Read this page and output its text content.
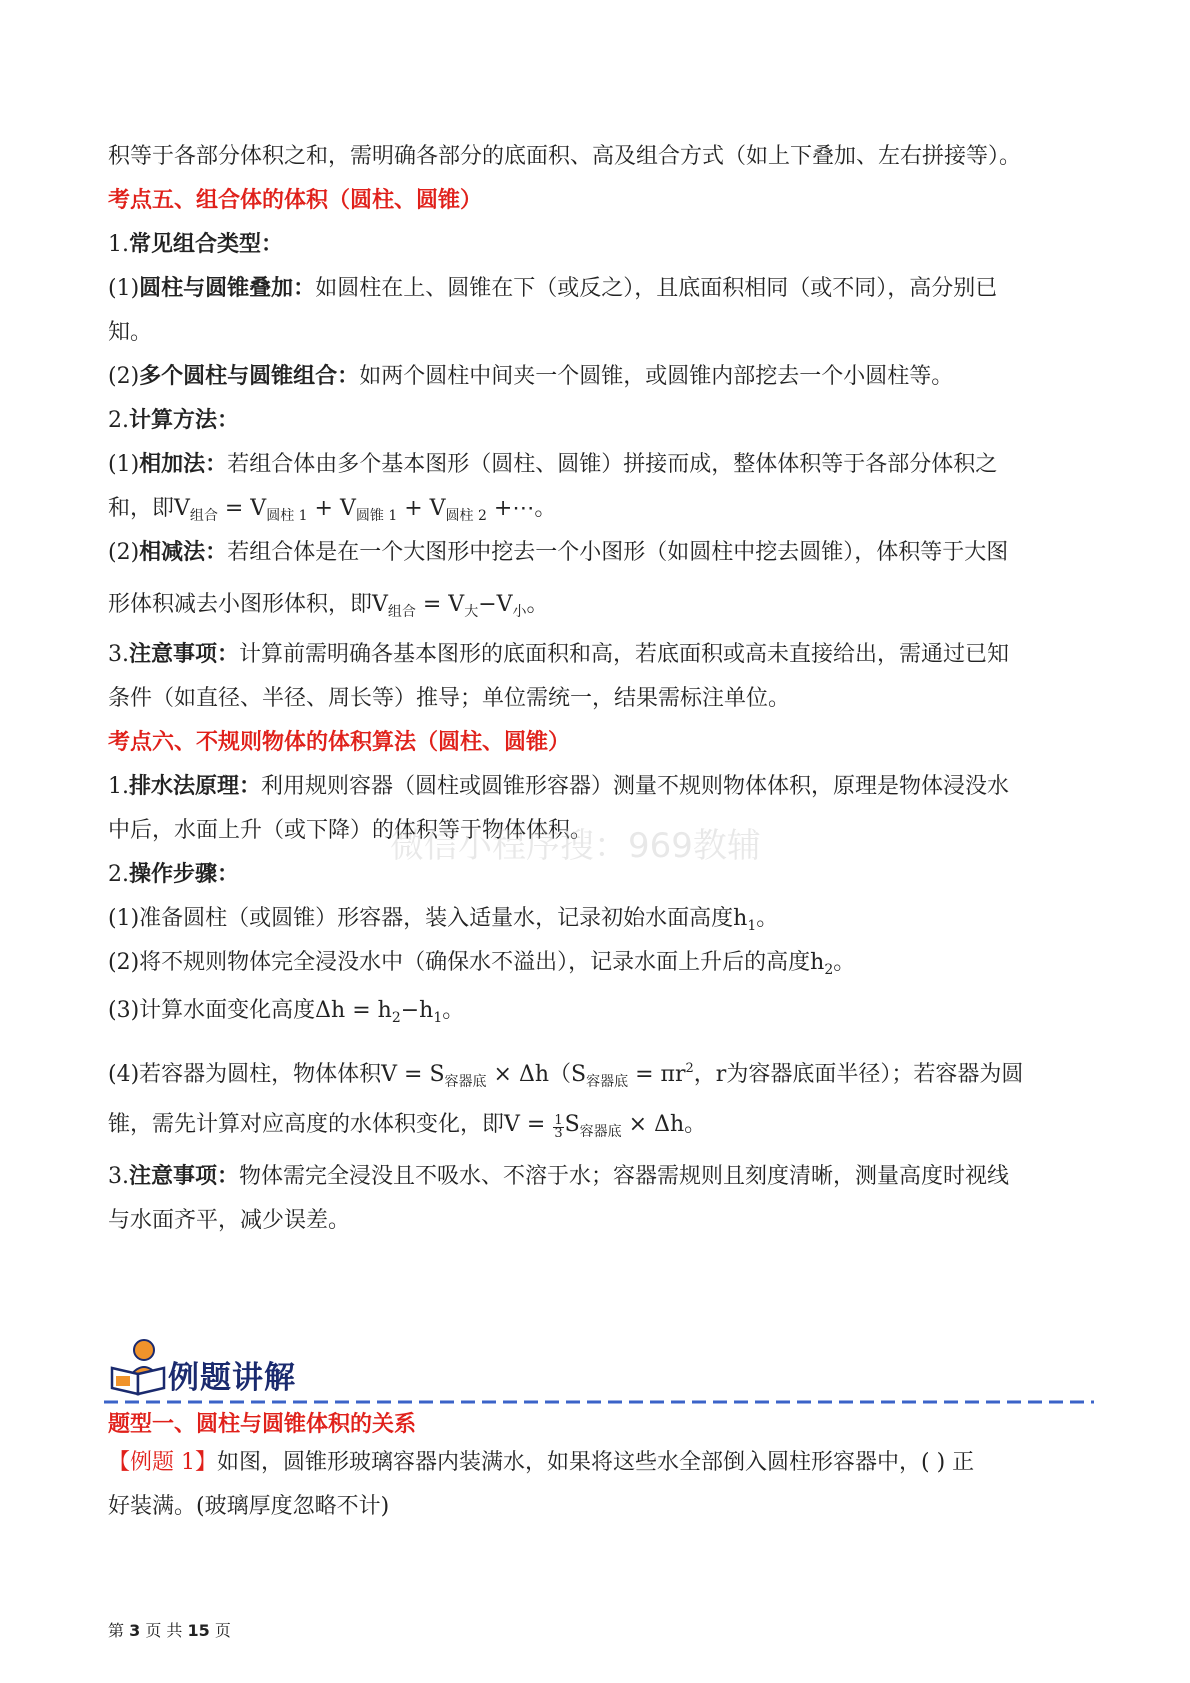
积等于各部分体积之和，需明确各部分的底面积、高及组合方式（如上下叠加、左右拼接等）。
考点五、组合体的体积（圆柱、圆锥）
1.常见组合类型：
(1)圆柱与圆锥叠加：如圆柱在上、圆锥在下（或反之），且底面积相同（或不同），高分别已
知。
(2)多个圆柱与圆锥组合：如两个圆柱中间夹一个圆锥，或圆锥内部挖去一个小圆柱等。
2.计算方法：
(1)相加法：若组合体由多个基本图形（圆柱、圆锥）拼接而成，整体体积等于各部分体积之
和，即$V_{组合} = V_{圆柱 1} + V_{圆锥 1} + V_{圆柱 2}$ +⋯。
(2)相减法：若组合体是在一个大图形中挖去一个小图形（如圆柱中挖去圆锥），体积等于大图
形体积减去小图形体积，即$V_{组合} = V_大-V_小$。
3.注意事项：计算前需明确各基本图形的底面积和高，若底面积或高未直接给出，需通过已知
条件（如直径、半径、周长等）推导；单位需统一，结果需标注单位。
考点六、不规则物体的体积算法（圆柱、圆锥）
1.排水法原理：利用规则容器（圆柱或圆锥形容器）测量不规则物体体积，原理是物体浸没水
中后，水面上升（或下降）的体积等于物体体积。
微信小程序搜：969教辅
2.操作步骤：
(1)准备圆柱（或圆锥）形容器，装入适量水，记录初始水面高度$h_1$。
(2)将不规则物体完全浸没水中（确保水不溢出），记录水面上升后的高度$h_2$。
(3)计算水面变化高度$\Delta h = h_2-h_1$。
(4)若容器为圆柱，物体体积$V = S_{容器底} \times \Delta h(S_{容器底} = \pi r^2$，r为容器底面半径）；若容器为圆
锥，需先计算对应高度的水体积变化，即$V = \frac{1}{3} S_{容器底} \times \Delta h$。
3.注意事项：物体需完全浸没且不吸水、不溶于水；容器需规则且刻度清晰，测量高度时视线
与水面齐平，减少误差。
例题讲解
题型一、圆柱与圆锥体积的关系
【例题 1】如图，圆锥形玻璃容器内装满水，如果将这些水全部倒入圆柱形容器中，( ) 正
好装满。(玻璃厚度忽略不计)
第 3 页 共 15 页
